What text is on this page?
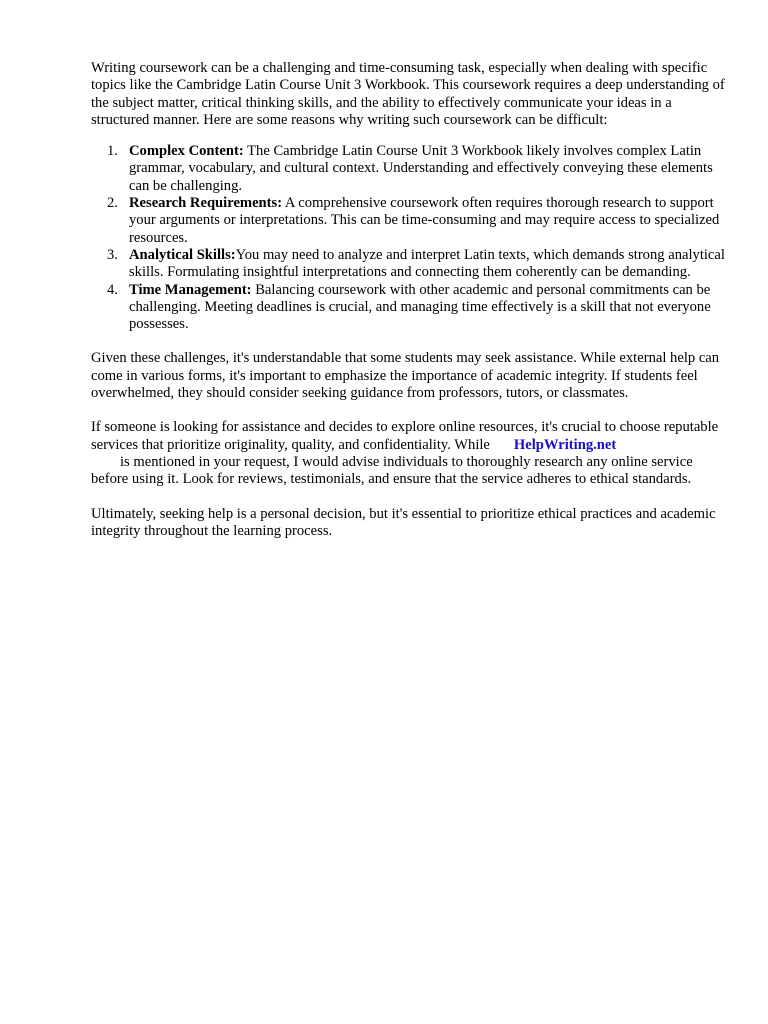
Writing coursework can be a challenging and time-consuming task, especially when dealing with specific topics like the Cambridge Latin Course Unit 3 Workbook. This coursework requires a deep understanding of the subject matter, critical thinking skills, and the ability to effectively communicate your ideas in a structured manner. Here are some reasons why writing such coursework can be difficult:

1. Complex Content: The Cambridge Latin Course Unit 3 Workbook likely involves complex Latin grammar, vocabulary, and cultural context. Understanding and effectively conveying these elements can be challenging.
2. Research Requirements: A comprehensive coursework often requires thorough research to support your arguments or interpretations. This can be time-consuming and may require access to specialized resources.
3. Analytical Skills:You may need to analyze and interpret Latin texts, which demands strong analytical skills. Formulating insightful interpretations and connecting them coherently can be demanding.
4. Time Management: Balancing coursework with other academic and personal commitments can be challenging. Meeting deadlines is crucial, and managing time effectively is a skill that not everyone possesses.

Given these challenges, it's understandable that some students may seek assistance. While external help can come in various forms, it's important to emphasize the importance of academic integrity. If students feel overwhelmed, they should consider seeking guidance from professors, tutors, or classmates.

If someone is looking for assistance and decides to explore online resources, it's crucial to choose reputable services that prioritize originality, quality, and confidentiality. While HelpWriting.net
is mentioned in your request, I would advise individuals to thoroughly research any online service
before using it. Look for reviews, testimonials, and ensure that the service adheres to ethical standards.

Ultimately, seeking help is a personal decision, but it's essential to prioritize ethical practices and academic integrity throughout the learning process.
